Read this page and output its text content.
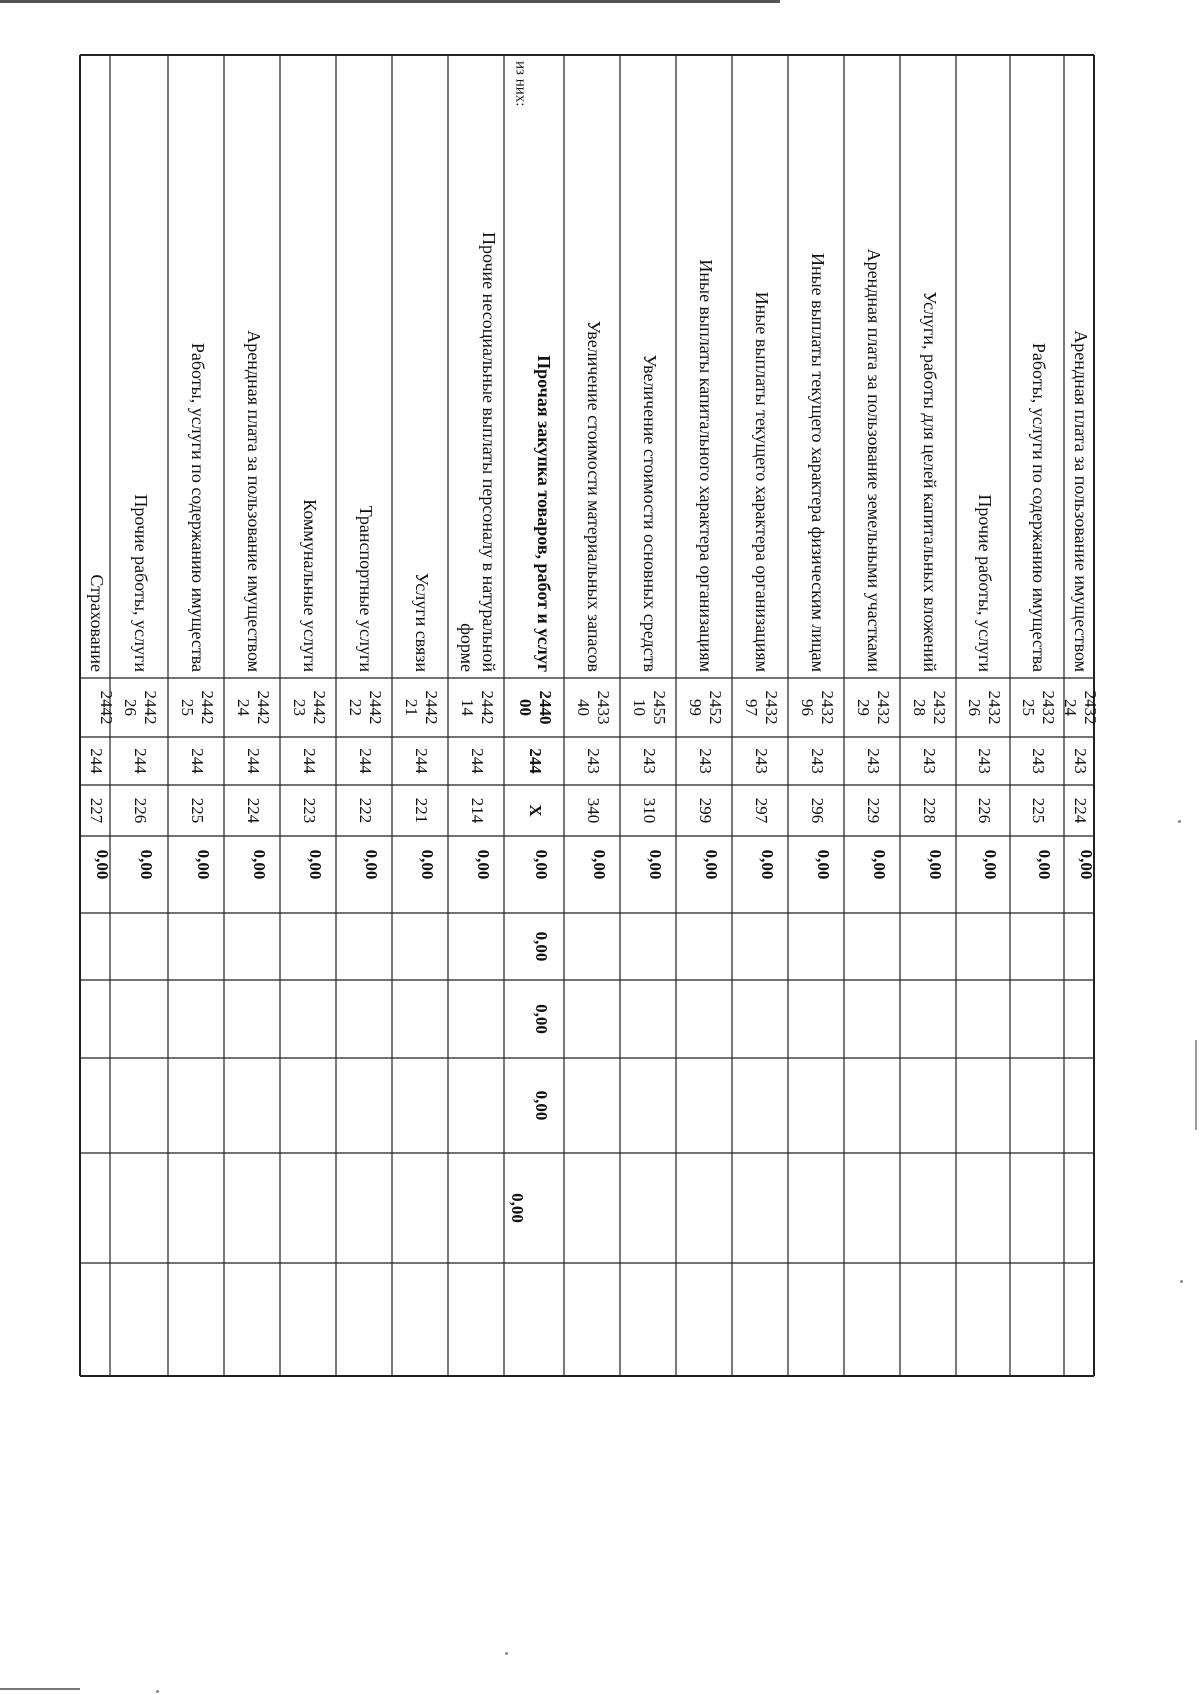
Арендная плата за пользование имуществом
2432
24
243
224
0,00
Работы, услуги по содержанию имущества
2432
25
243
225
0,00
Прочие работы, услуги
2432
26
243
226
0,00
Услуги, работы для целей капитальных вложений
2432
28
243
228
0,00
Арендная плата за пользование земельными участками
2432
29
243
229
0,00
Иные выплаты текущего характера физическим лицам
2432
96
243
296
0,00
Иные выплаты текущего характера организациям
2432
97
243
297
0,00
Иные выплаты капитального характера организациям
2452
99
243
299
0,00
Увеличение стоимости основных средств
2455
10
243
310
0,00
Увеличение стоимости материальных запасов
2433
40
243
340
0,00
Прочая закупка товаров, работ и услуг
из них:
2440
00
244
X
0,00
0,00
0,00
0,00
0,00
Прочие несоциальные выплаты персоналу в натуральной
форме
2442
14
244
214
0,00
Услуги связи
2442
21
244
221
0,00
Транспортные услуги
2442
22
244
222
0,00
Коммунальные услуги
2442
23
244
223
0,00
Арендная плата за пользование имуществом
2442
24
244
224
0,00
Работы, услуги по содержанию имущества
2442
25
244
225
0,00
Прочие работы, услуги
2442
26
244
226
0,00
Страхование
2442
244
227
0,00
